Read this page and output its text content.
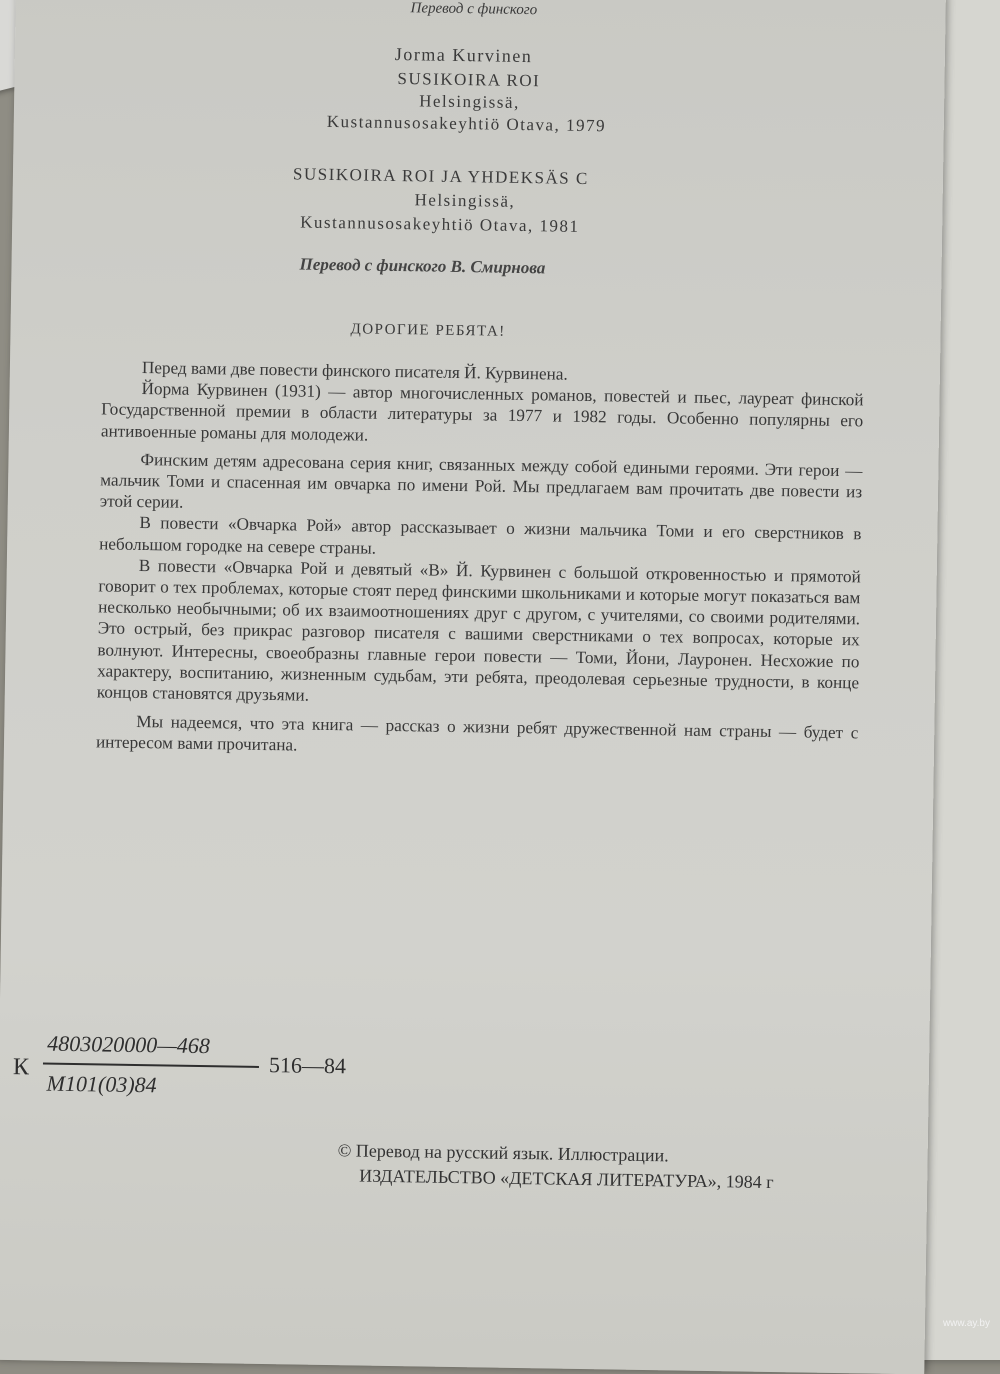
Перевод с финского
Jorma Kurvinen
SUSIKOIRA ROI
Helsingissä,
Kustannusosakeyhtiö Otava, 1979
SUSIKOIRA ROI JA YHDEKSÄS C
Helsingissä,
Kustannusosakeyhtiö Otava, 1981
Перевод с финского В. Смирнова
ДОРОГИЕ РЕБЯТА!

Перед вами две повести финского писателя Й. Курвинена.

Йорма Курвинен (1931) — автор многочисленных романов, повестей и пьес, лауреат финской Государственной премии в области литературы за 1977 и 1982 годы. Особенно популярны его антивоенные романы для молодежи.

Финским детям адресована серия книг, связанных между собой едиными героями. Эти герои — мальчик Томи и спасенная им овчарка по имени Рой. Мы предлагаем вам прочитать две повести из этой серии.

В повести «Овчарка Рой» автор рассказывает о жизни мальчика Томи и его сверстников в небольшом городке на севере страны.

В повести «Овчарка Рой и девятый «В» Й. Курвинен с большой откровенностью и прямотой говорит о тех проблемах, которые стоят перед финскими школьниками и которые могут показаться вам несколько необычными; об их взаимоотношениях друг с другом, с учителями, со своими родителями. Это острый, без прикрас разговор писателя с вашими сверстниками о тех вопросах, которые их волнуют. Интересны, своеобразны главные герои повести — Томи, Йони, Лауронен. Несхожие по характеру, воспитанию, жизненным судьбам, эти ребята, преодолевая серьезные трудности, в конце концов становятся друзьями.

Мы надеемся, что эта книга — рассказ о жизни ребят дружественной нам страны — будет с интересом вами прочитана.

К
4803020000—468
М101(03)84
516—84
© Перевод на русский язык. Иллюстрации.
ИЗДАТЕЛЬСТВО «ДЕТСКАЯ ЛИТЕРАТУРА», 1984 г
www.ay.by
